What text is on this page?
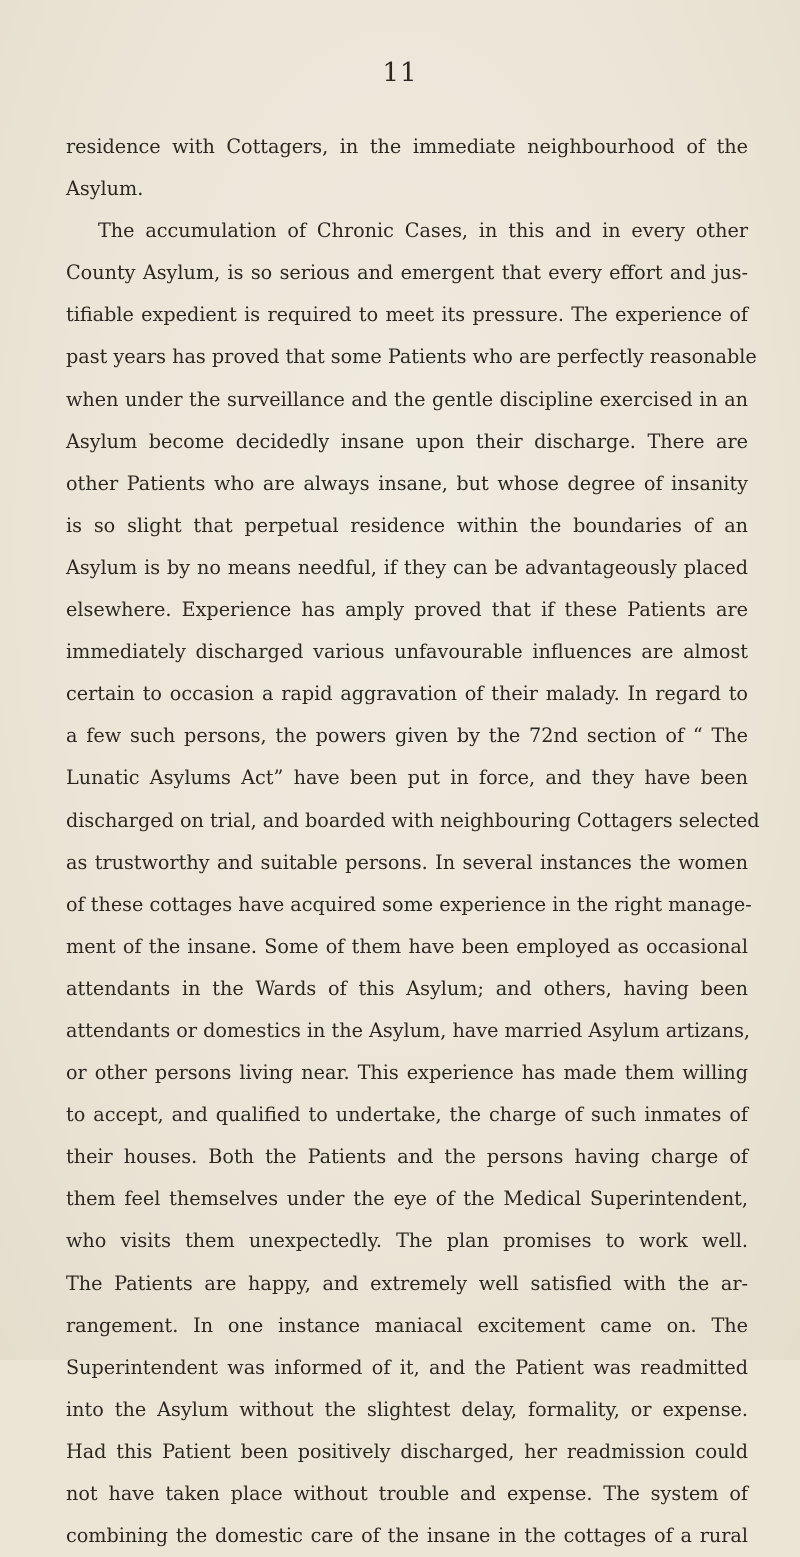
11
residence with Cottagers, in the immediate neighbourhood of the
Asylum.
The accumulation of Chronic Cases, in this and in every other
County Asylum, is so serious and emergent that every effort and jus-
tifiable expedient is required to meet its pressure. The experience of
past years has proved that some Patients who are perfectly reasonable
when under the surveillance and the gentle discipline exercised in an
Asylum become decidedly insane upon their discharge. There are
other Patients who are always insane, but whose degree of insanity
is so slight that perpetual residence within the boundaries of an
Asylum is by no means needful, if they can be advantageously placed
elsewhere. Experience has amply proved that if these Patients are
immediately discharged various unfavourable influences are almost
certain to occasion a rapid aggravation of their malady. In regard to
a few such persons, the powers given by the 72nd section of “ The
Lunatic Asylums Act” have been put in force, and they have been
discharged on trial, and boarded with neighbouring Cottagers selected
as trustworthy and suitable persons. In several instances the women
of these cottages have acquired some experience in the right manage-
ment of the insane. Some of them have been employed as occasional
attendants in the Wards of this Asylum; and others, having been
attendants or domestics in the Asylum, have married Asylum artizans,
or other persons living near. This experience has made them willing
to accept, and qualified to undertake, the charge of such inmates of
their houses. Both the Patients and the persons having charge of
them feel themselves under the eye of the Medical Superintendent,
who visits them unexpectedly. The plan promises to work well.
The Patients are happy, and extremely well satisfied with the ar-
rangement. In one instance maniacal excitement came on. The
Superintendent was informed of it, and the Patient was readmitted
into the Asylum without the slightest delay, formality, or expense.
Had this Patient been positively discharged, her readmission could
not have taken place without trouble and expense. The system of
combining the domestic care of the insane in the cottages of a rural
